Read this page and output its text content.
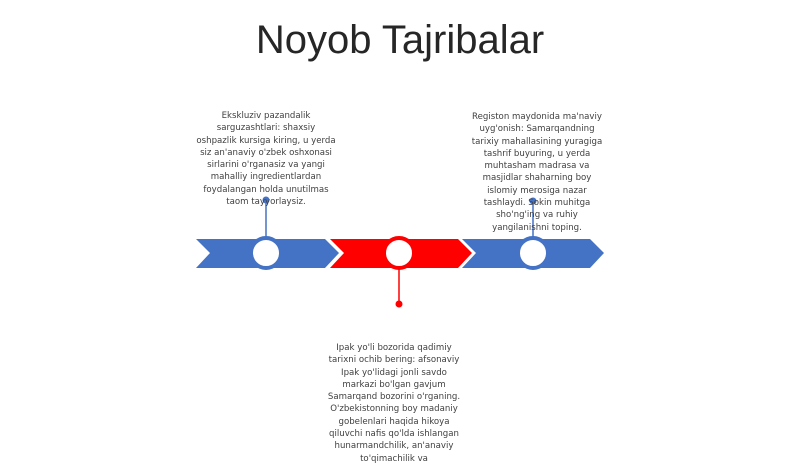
Noyob Tajribalar
Ekskluziv pazandalik sarguzashtlari: shaxsiy oshpazlik kursiga kiring, u yerda siz an'anaviy o'zbek oshxonasi sirlarini o'rganasiz va yangi mahalliy ingredientlardan foydalangan holda unutilmas taom tayyorlaysiz.
Registon maydonida ma'naviy uyg'onish: Samarqandning tarixiy mahallasining yuragiga tashrif buyuring, u yerda muhtasham madrasa va masjidlar shaharning boy islomiy merosiga nazar tashlaydi. Sokin muhitga sho'ng'ing va ruhiy yangilanishni toping.
Ipak yo'li bozorida qadimiy tarixni ochib bering: afsonaviy Ipak yo'lidagi jonli savdo markazi bo'lgan gavjum Samarqand bozorini o'rganing. O'zbekistonning boy madaniy gobelenlari haqida hikoya qiluvchi nafis qo'lda ishlangan hunarmandchilik, an'anaviy to'qimachilik va
